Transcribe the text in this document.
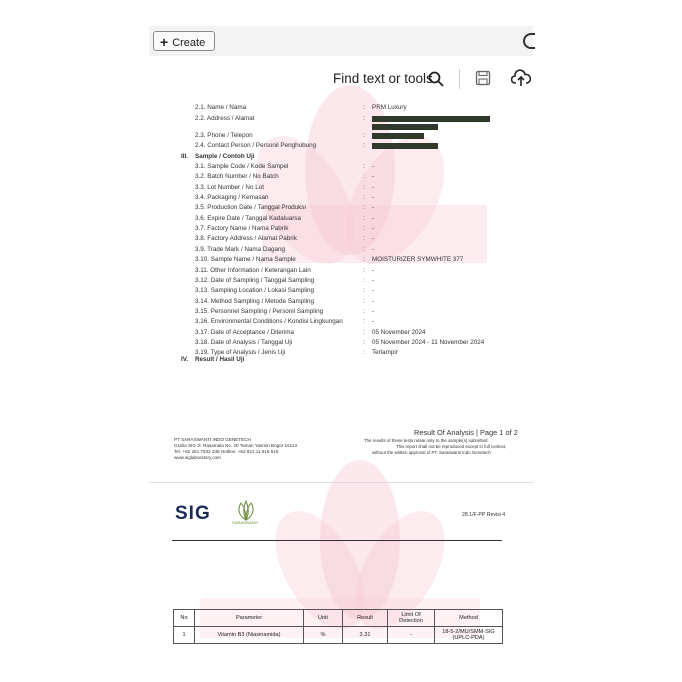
+ Create
Find text or tools
2.1. Name / Nama	: PRM Luxury
2.2. Address / Alamat	:
2.3. Phone / Telepon	:
2.4. Contact Person / Personil Penghubung	:
III. Sample / Contoh Uji
3.1. Sample Code / Kode Sampel	: -
3.2. Batch Number / No Batch	: -
3.3. Lot Number / No Lot	: -
3.4. Packaging / Kemasan	: -
3.5. Production Date / Tanggal Produksi	: -
3.6. Expire Date / Tanggal Kadaluarsa	: -
3.7. Factory Name / Nama Pabrik	: -
3.8. Factory Address / Alamat Pabrik	: -
3.9. Trade Mark / Nama Dagang	: -
3.10. Sample Name / Nama Sample	: MOISTURIZER SYMWHITE 377
3.11. Other Information / Keterangan Lain	: -
3.12. Date of Sampling / Tanggal Sampling	: -
3.13. Sampling Location / Lokasi Sampling	: -
3.14. Method Sampling / Metode Sampling	: -
3.15. Personnel Sampling / Personil Sampling	: -
3.16. Environmental Conditions / Kondisi Lingkungan	: -
3.17. Date of Acceptance / Diterima	: 05 November 2024
3.18. Date of Analysis / Tanggal Uji	: 05 November 2024 - 11 November 2024
3.19. Type of Analysis / Jenis Uji	: Terlampir
IV. Result / Hasil Uji
Result Of Analysis | Page 1 of 2
The results of these tests relate only to the sample(s) submitted.
This report shall not be reproduced except in full context,
without the written approval of PT. Saraswanti Indo Genetech
PT SARASWANTI INDO GENETECH
Graha SIG Jl. Rasamala No. 20 Taman Yasmin Bogor 16113
Tel. +62 251 7532 348 Hotline. +62 821 11 516 516
www.siglaboratory.com
SIG	SARASWANTI
28.1/F-PP Revisi 4
No	Parameter	Unit	Result	Limit Of Detection	Method
1	Vitamin B3 (Niasinamida)	%	3.31	-	18-5-2/MU/SMM-SIG (UPLC-PDA)
